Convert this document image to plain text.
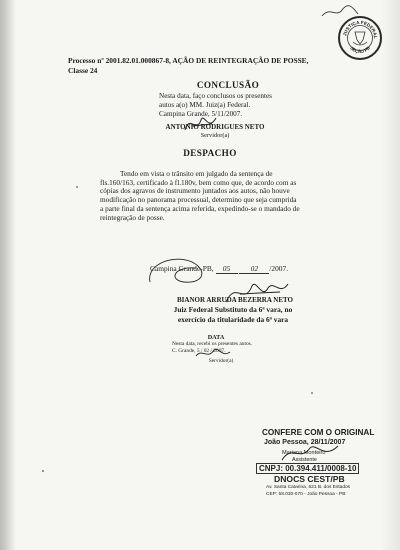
JUSTIÇA FEDERAL
SEÇÃO PB
Processo nº 2001.82.01.000867-8, AÇÃO DE REINTEGRAÇÃO DE POSSE,
Classe 24
CONCLUSÃO
Nesta data, faço conclusos os presentes
autos a(o) MM. Juiz(a) Federal.
Campina Grande, 5/11/2007.
ANTONIO RODRIGUES NETO
Servidor(a)
DESPACHO
Tendo em vista o trânsito em julgado da sentença de
fls.160/163, certificado à fl.180v, bem como que, de acordo com as
cópias dos agravos de instrumento juntados aos autos, não houve
modificação no panorama processual, determino que seja cumprida
a parte final da sentença acima referida, expedindo-se o mandado de
reintegração de posse.
Campina Grande-PB, 05	02 /2007.
BIANOR ARRUDA BEZERRA NETO
Juiz Federal Substituto da 6ª vara, no
exercício da titularidade da 6ª vara
DATA
Nesta data, recebi os presentes autos.
C. Grande, 5 / 02 / 2007.
Servidor(a)
CONFERE COM O ORIGINAL
João Pessoa, 28/11/2007
Mariana Monteiro
Assistente
CNPJ: 00.394.411/0008-10
DNOCS CEST/PB
Av. Santa Catarina, 621 B. dos Estados
CEP: 58.030-070 - João Pessoa - PB
